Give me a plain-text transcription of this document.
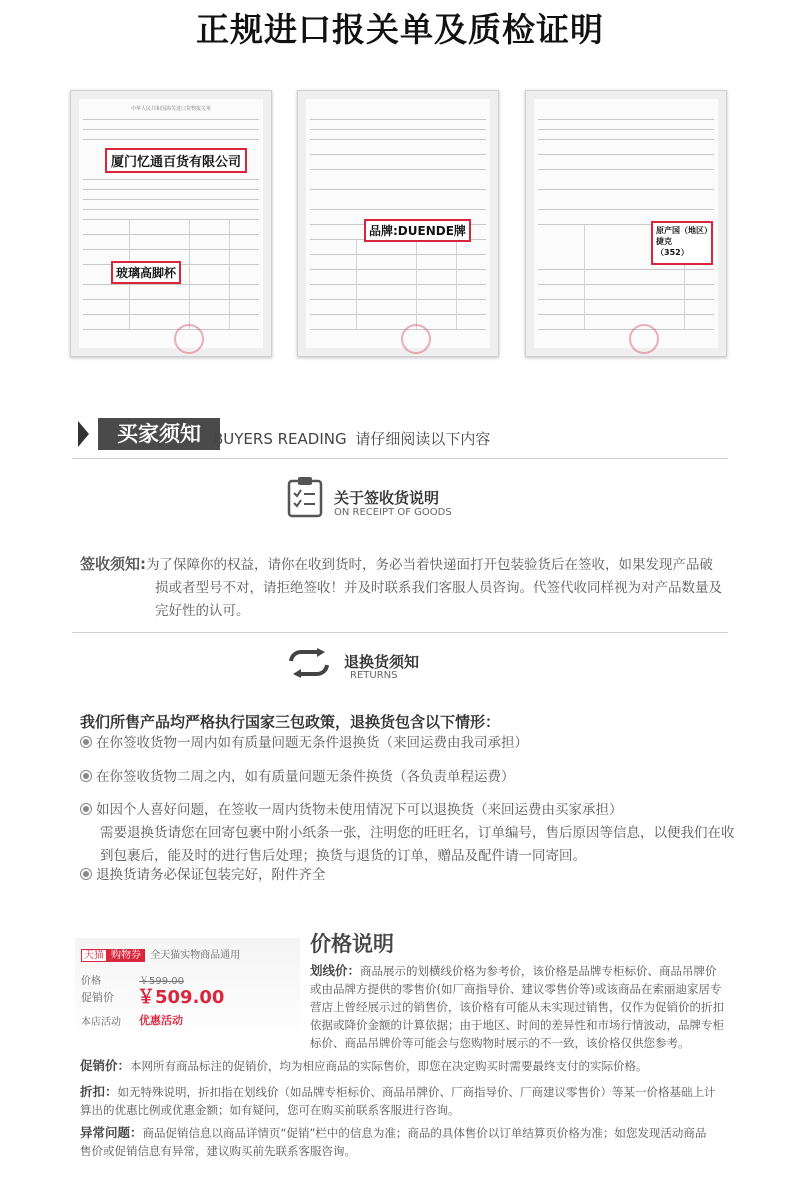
正规进口报关单及质检证明
中华人民共和国海关进口货物报关单
厦门忆通百货有限公司
玻璃高脚杯
品牌:DUENDE牌	原产国（地区）
捷克
（352）
买家须知 BUYERS READING 请仔细阅读以下内容
关于签收货说明
ON RECEIPT OF GOODS
签收须知:为了保障你的权益，请你在收到货时，务必当着快递面打开包装验货后在签收，如果发现产品破
损或者型号不对，请拒绝签收！并及时联系我们客服人员咨询。代签代收同样视为对产品数量及
完好性的认可。
退换货须知
RETURNS
我们所售产品均严格执行国家三包政策，退换货包含以下情形：
在你签收货物一周内如有质量问题无条件退换货（来回运费由我司承担）
在你签收货物二周之内，如有质量问题无条件换货（各负责单程运费）
如因个人喜好问题，在签收一周内货物未使用情况下可以退换货（来回运费由买家承担）
需要退换货请您在回寄包裹中附小纸条一张，注明您的旺旺名，订单编号，售后原因等信息，以便我们在收
到包裹后，能及时的进行售后处理；换货与退货的订单，赠品及配件请一同寄回。
退换货请务必保证包装完好，附件齐全
天猫 购物券 全天猫实物商品通用
价格	￥599.00
促销价 ￥509.00
本店活动 优惠活动
价格说明
划线价：商品展示的划横线价格为参考价，该价格是品牌专柜标价、商品吊牌价
或由品牌方提供的零售价(如厂商指导价、建议零售价等)或该商品在索丽迪家居专
营店上曾经展示过的销售价，该价格有可能从未实现过销售，仅作为促销价的折扣
依据或降价金额的计算依据；由于地区、时间的差异性和市场行情波动，品牌专柜
标价、商品吊牌价等可能会与您购物时展示的不一致，该价格仅供您参考。
促销价：本网所有商品标注的促销价，均为相应商品的实际售价，即您在决定购买时需要最终支付的实际价格。
折扣：如无特殊说明，折扣指在划线价（如品牌专柜标价、商品吊牌价、厂商指导价、厂商建议零售价）等某一价格基础上计
算出的优惠比例或优惠金额；如有疑问，您可在购买前联系客服进行咨询。
异常问题：商品促销信息以商品详情页“促销”栏中的信息为准；商品的具体售价以订单结算页价格为准；如您发现活动商品
售价或促销信息有异常，建议购买前先联系客服咨询。
